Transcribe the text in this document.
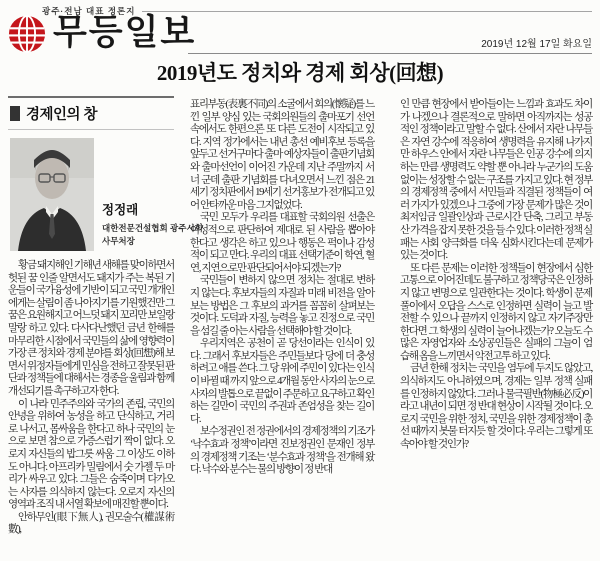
광주·전남 대표 정론지
무등일보	2019년 12월 17일 화요일
2019년도 정치와 경제 회상(回想)
경제인의 창
정정래
대한전문건설협회 광주시회
사무처장

황금 돼지해인 기해년 새해를 맞이하면서 헛된 꿈 인줄 알면서도 돼지가 주는 복된 기운들이 국가융성에 기반이 되고 국민 개개인에게는 살림이 좀 나아지기를 기원했건만 그 꿈은 요원해지고 어느덧 돼지 꼬리만 보일랑 말랑 하고 있다. 다사다난했던 금년 한해를 마무리한 시점에서 국민들의 삶에 영향력이 가장 큰 정치와 경제 분야를 회상(回想)해 보면서 위정자들에게 민심을 전하고 잘못된 판단과 정책들에 대해서는 경종을 울림과 함께 개선되기를 촉구하고자 한다.

이 나라 민주주의와 국가의 존립, 국민의 안녕을 위하여 농성을 하고 단식하고, 거리로 나서고, 몸싸움을 한다고 하나 국민의 눈으로 보면 참으로 가증스럽기 짝이 없다. 오로지 자신들의 밥그릇 싸움 그 이상도 이하도 아니다. 아프리카 밀림에서 숫 가젤 두 마리가 싸우고 있다. 그들은 숨죽이며 다가오는 사자를 의식하지 않는다. 오로지 자신의 영역과 조직 내 서열 확보에 매진할 뿐이다.

안하무인(眼下無人), 권모술수(權謀術數),

표리부동(表裏不同)의 소굴에서 회의(懷疑)를 느낀 일부 양심 있는 국회의원들의 출마포기 선언 속에서도 한편으론 또 다른 도전이 시작되고 있다. 지역 정가에서는 내년 총선 예비후보 등록을 앞두고 선거구마다 출마 예상자들이 출판기념회와 출마선언이 이어진 가운데 지난 주말까지 서너 군데 출판 기념회를 다녀오면서 느낀 점은 21세기 정치판에서 19세기 선거홍보가 전개되고 있어 안타까운 마음 그지없었다.

국민 모두가 우리를 대표할 국회의원 선출은 이성적으로 판단하여 제대로 된 사람을 뽑아야 한다고 생각은 하고 있으나 행동은 퍽이나 감성적이 되고 만다. 우리의 대표 선택기준이 학연, 혈연, 지연으로만 판단되어서야 되겠는가?

국민들이 변하지 않으면 정치는 절대로 변하지 않는다. 후보자들의 자질과 미래 비전을 알아보는 방법은 그 후보의 과거를 꼼꼼히 살펴보는 것이다. 도덕과 자질, 능력을 놓고 진정으로 국민을 섬길 줄 아는 사람을 선택해야 할 것이다.

우리지역은 공천이 곧 당선이라는 인식이 있다. 그래서 후보자들은 주민들보다 당에 더 충성하려고 애를 쓴다. 그 당 위에 주민이 있다는 인식이 바뀔 때 까지 앞으로 4개월 동안 사자의 눈으로 사자의 발톱으로 끝없이 주문하고 요구하고 확인하는 길만이 국민의 주권과 존엄성을 찾는 길이다.

보수정권인 전 정권에서의 경제정책의 기조가 ‘낙수효과 정책’이라면 진보정권인 문재인 정부의 경제정책 기조는 ‘분수효과 정책’을 전개해 왔다. 낙수와 분수는 물의 방향이 정 반대

인 만큼 현장에서 받아들이는 느낌과 효과도 차이가 나겠으나 결론적으로 말하면 아직까지는 성공적인 정책이라고 말할 수 없다. 산에서 자란 나무들은 자연 강수에 적응하여 생명력을 유지해 나가지만 하우스 안에서 자란 나무들은 인공 강수에 의지하는 만큼 생명력도 약할 뿐 아니라 누군가의 도움 없이는 성장할 수 없는 구조를 가지고 있다. 현 정부의 경제정책 중에서 서민들과 직결된 정책들이 여러 가지가 있겠으나 그중에 가장 문제가 많은 것이 최저임금 일괄인상과 근로시간 단축, 그리고 부동산 가격을 잡지 못한 것을 들 수 있다. 이러한 정책 실패는 사회 양극화를 더욱 심화시킨다는데 문제가 있는 것이다.

또 다른 문제는 이러한 정책들이 현장에서 심한 고통으로 이어진데도 불구하고 정책당국은 인정하지 않고 변명으로 일관한다는 것이다. 학생이 문제풀이에서 오답을 스스로 인정하면 실력이 늘고 발전할 수 있으나 끝까지 인정하지 않고 자기주장만 한다면 그 학생의 실력이 늘어나겠는가? 오늘도 수많은 자영업자와 소상공인들은 실패의 그늘이 엄습해 옴을 느끼면서 악전고투 하고 있다.

금년 한해 정치는 국민을 염두에 두지도 않았고, 의식하지도 아니하였으며, 경제는 일부 정책 실패를 인정하지 않았다. 그러나 물극필반(物極必反)이라고 내년이 되면 정 반대 현상이 시작될 것이다. 오로지 국민을 위한 정치, 국민을 위한 경제정책이 총선 때까지 봇물 터지듯 할 것이다. 우리는 그렇게 또 속아야 할 것인가?
